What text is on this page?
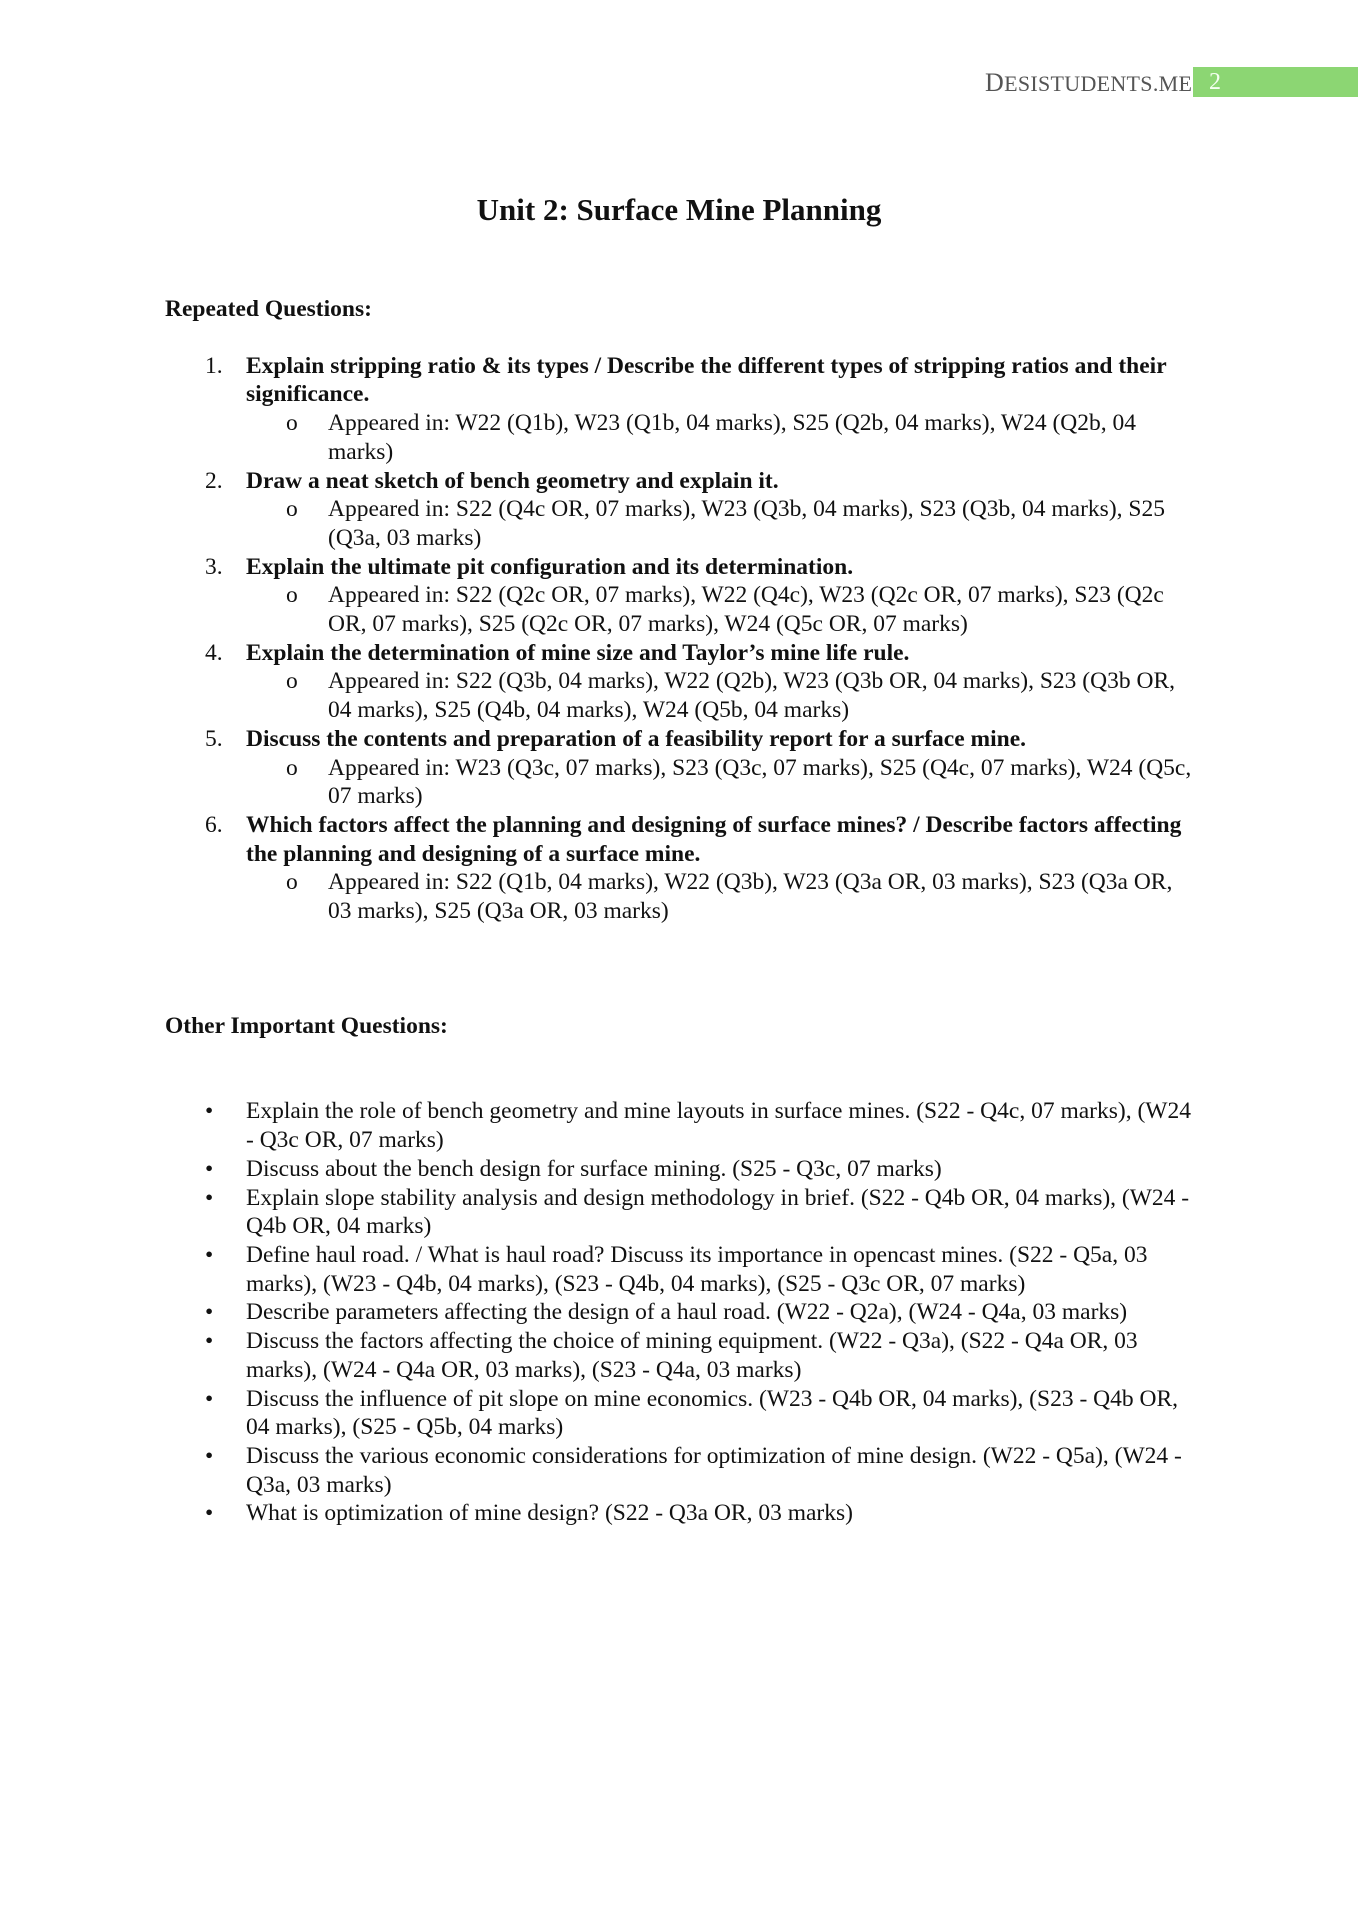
DESISTUDENTS.ME 2
Unit 2: Surface Mine Planning
Repeated Questions:
1. Explain stripping ratio & its types / Describe the different types of stripping ratios and their significance.
o Appeared in: W22 (Q1b), W23 (Q1b, 04 marks), S25 (Q2b, 04 marks), W24 (Q2b, 04 marks)
2. Draw a neat sketch of bench geometry and explain it.
o Appeared in: S22 (Q4c OR, 07 marks), W23 (Q3b, 04 marks), S23 (Q3b, 04 marks), S25 (Q3a, 03 marks)
3. Explain the ultimate pit configuration and its determination.
o Appeared in: S22 (Q2c OR, 07 marks), W22 (Q4c), W23 (Q2c OR, 07 marks), S23 (Q2c OR, 07 marks), S25 (Q2c OR, 07 marks), W24 (Q5c OR, 07 marks)
4. Explain the determination of mine size and Taylor’s mine life rule.
o Appeared in: S22 (Q3b, 04 marks), W22 (Q2b), W23 (Q3b OR, 04 marks), S23 (Q3b OR, 04 marks), S25 (Q4b, 04 marks), W24 (Q5b, 04 marks)
5. Discuss the contents and preparation of a feasibility report for a surface mine.
o Appeared in: W23 (Q3c, 07 marks), S23 (Q3c, 07 marks), S25 (Q4c, 07 marks), W24 (Q5c, 07 marks)
6. Which factors affect the planning and designing of surface mines? / Describe factors affecting the planning and designing of a surface mine.
o Appeared in: S22 (Q1b, 04 marks), W22 (Q3b), W23 (Q3a OR, 03 marks), S23 (Q3a OR, 03 marks), S25 (Q3a OR, 03 marks)
Other Important Questions:
• Explain the role of bench geometry and mine layouts in surface mines. (S22 - Q4c, 07 marks), (W24 - Q3c OR, 07 marks)
• Discuss about the bench design for surface mining. (S25 - Q3c, 07 marks)
• Explain slope stability analysis and design methodology in brief. (S22 - Q4b OR, 04 marks), (W24 - Q4b OR, 04 marks)
• Define haul road. / What is haul road? Discuss its importance in opencast mines. (S22 - Q5a, 03 marks), (W23 - Q4b, 04 marks), (S23 - Q4b, 04 marks), (S25 - Q3c OR, 07 marks)
• Describe parameters affecting the design of a haul road. (W22 - Q2a), (W24 - Q4a, 03 marks)
• Discuss the factors affecting the choice of mining equipment. (W22 - Q3a), (S22 - Q4a OR, 03 marks), (W24 - Q4a OR, 03 marks), (S23 - Q4a, 03 marks)
• Discuss the influence of pit slope on mine economics. (W23 - Q4b OR, 04 marks), (S23 - Q4b OR, 04 marks), (S25 - Q5b, 04 marks)
• Discuss the various economic considerations for optimization of mine design. (W22 - Q5a), (W24 - Q3a, 03 marks)
• What is optimization of mine design? (S22 - Q3a OR, 03 marks)
